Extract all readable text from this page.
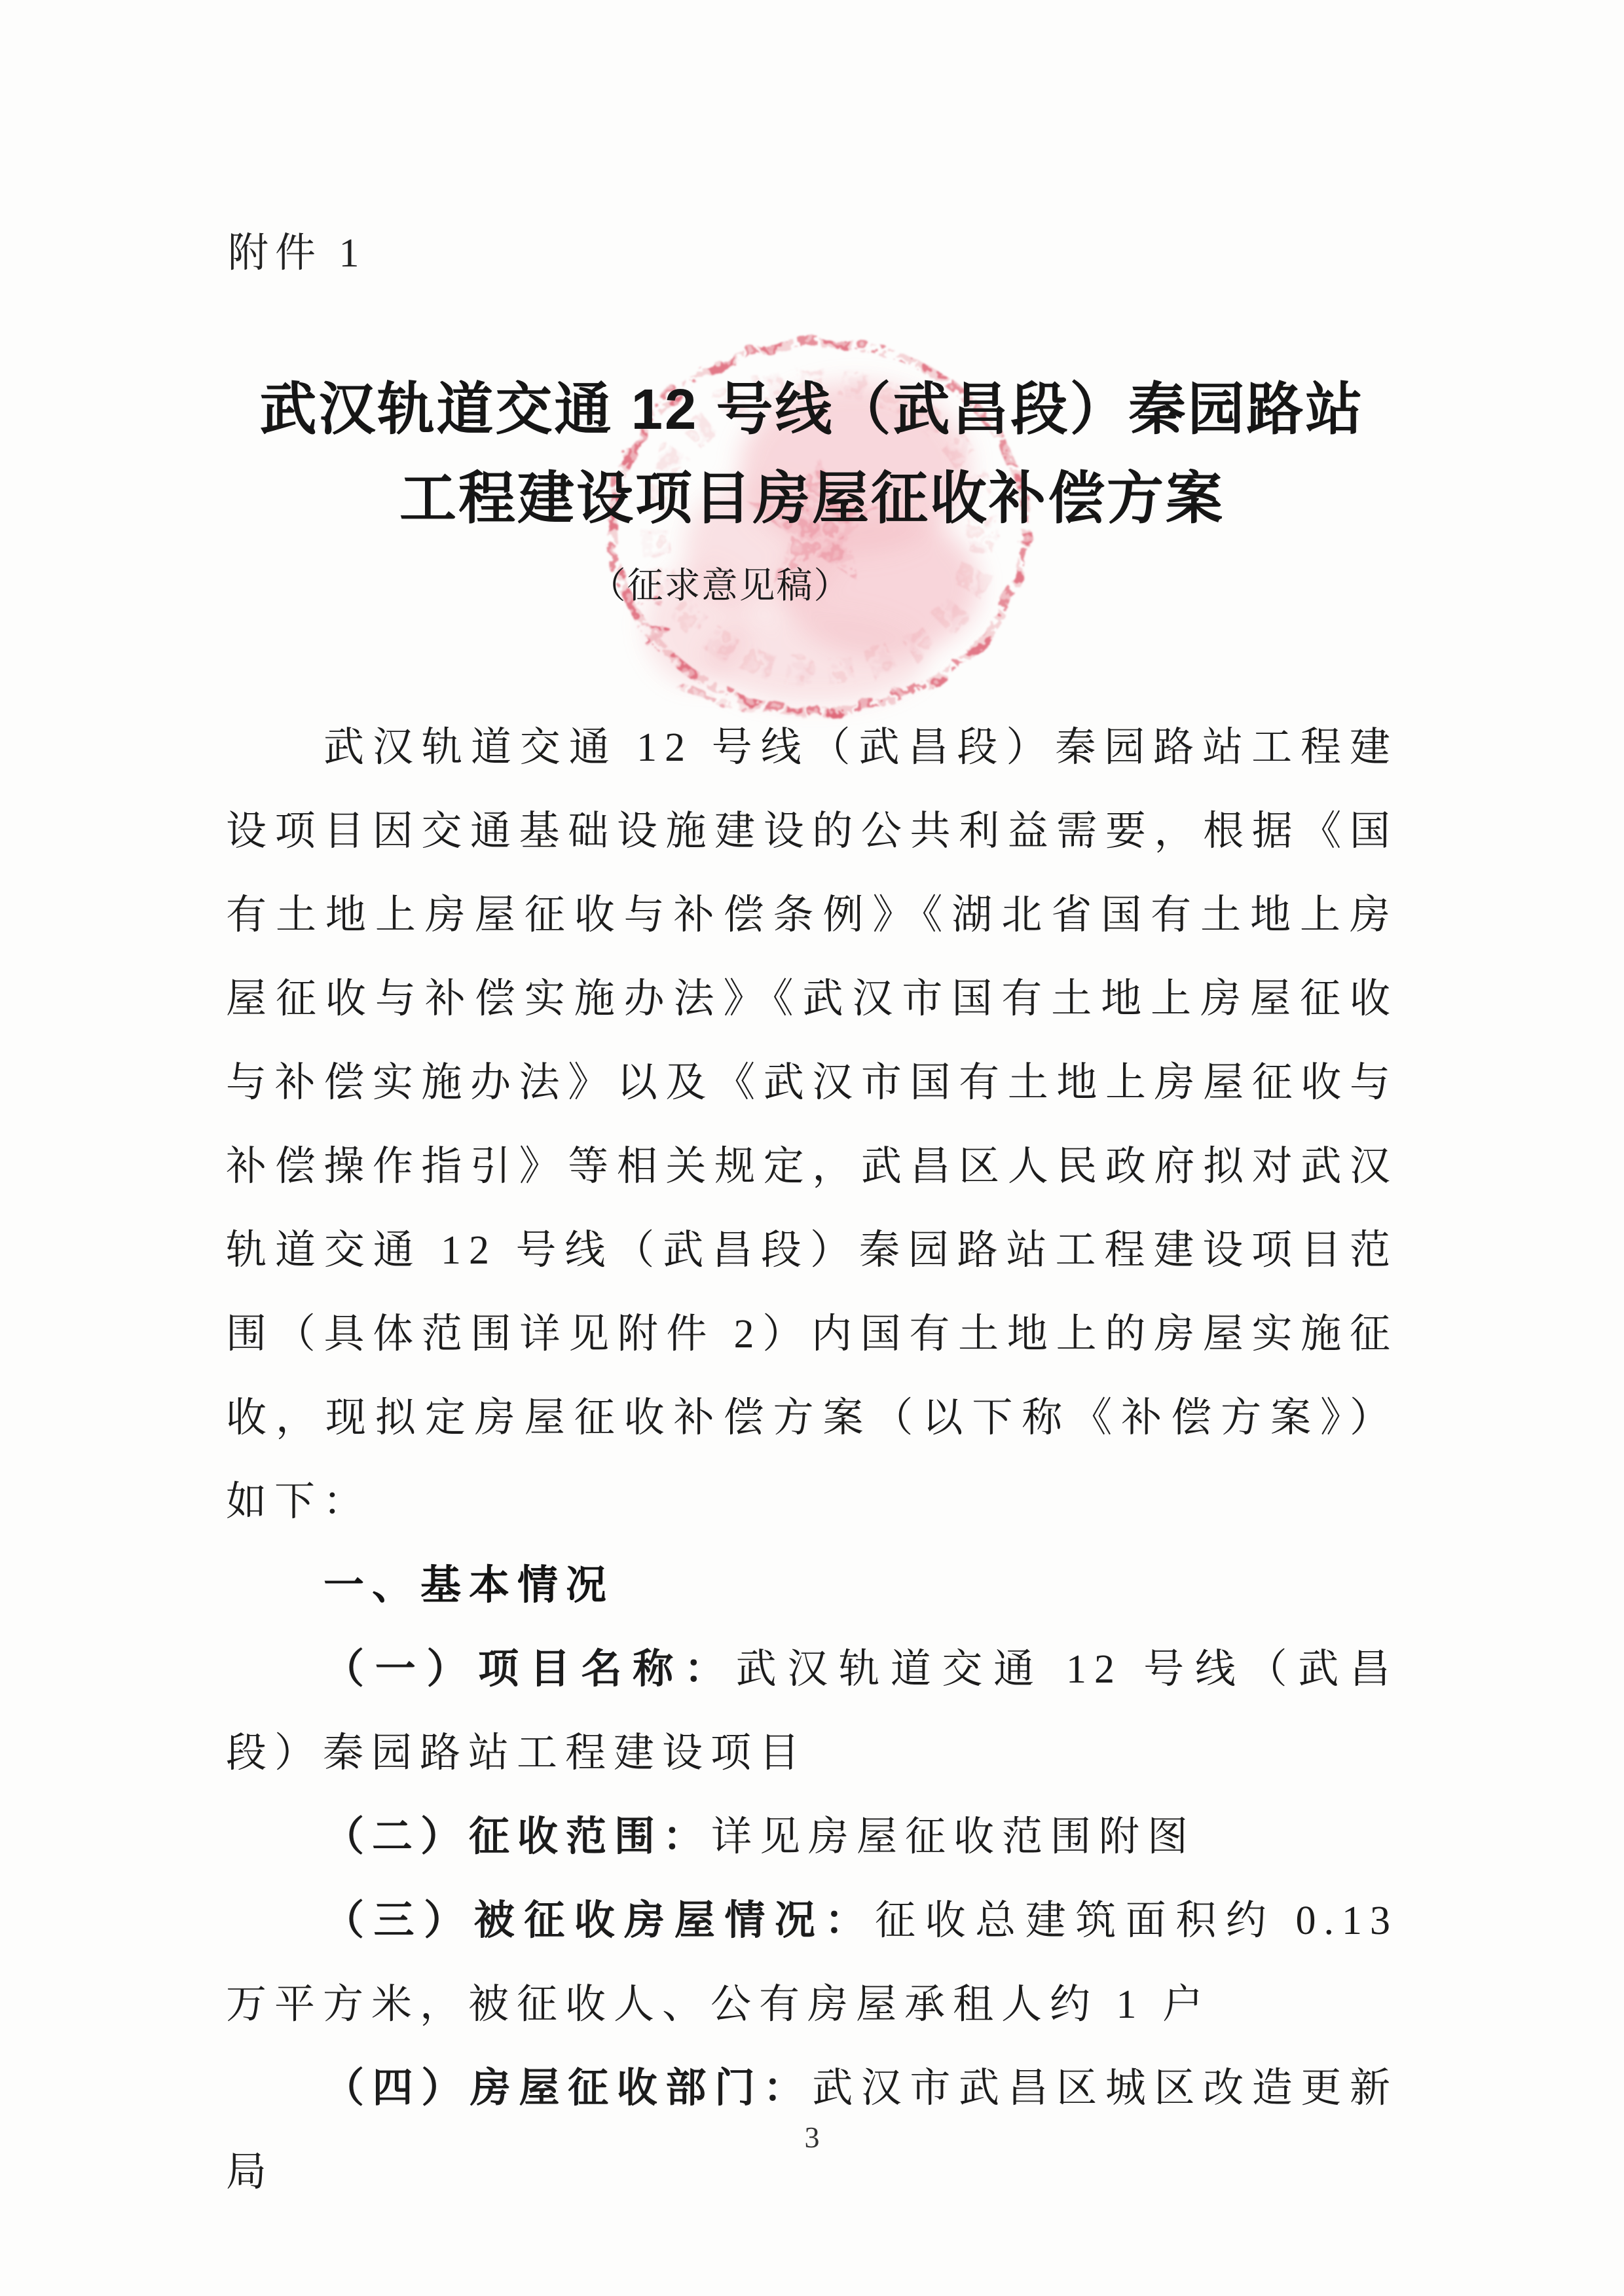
附件 1
武汉轨道交通 12 号线（武昌段）秦园路站
工程建设项目房屋征收补偿方案
（征求意见稿）

武汉轨道交通 12 号线（武昌段）秦园路站工程建设项目因交通基础设施建设的公共利益需要，根据《国有土地上房屋征收与补偿条例》《湖北省国有土地上房屋征收与补偿实施办法》《武汉市国有土地上房屋征收与补偿实施办法》以及《武汉市国有土地上房屋征收与补偿操作指引》等相关规定，武昌区人民政府拟对武汉轨道交通 12 号线（武昌段）秦园路站工程建设项目范围（具体范围详见附件 2）内国有土地上的房屋实施征收，现拟定房屋征收补偿方案（以下称《补偿方案》）如下：

一、基本情况

（一）项目名称：武汉轨道交通 12 号线（武昌段）秦园路站工程建设项目

（二）征收范围：详见房屋征收范围附图

（三）被征收房屋情况：征收总建筑面积约 0.13 万平方米，被征收人、公有房屋承租人约 1 户

（四）房屋征收部门：武汉市武昌区城区改造更新局

3
